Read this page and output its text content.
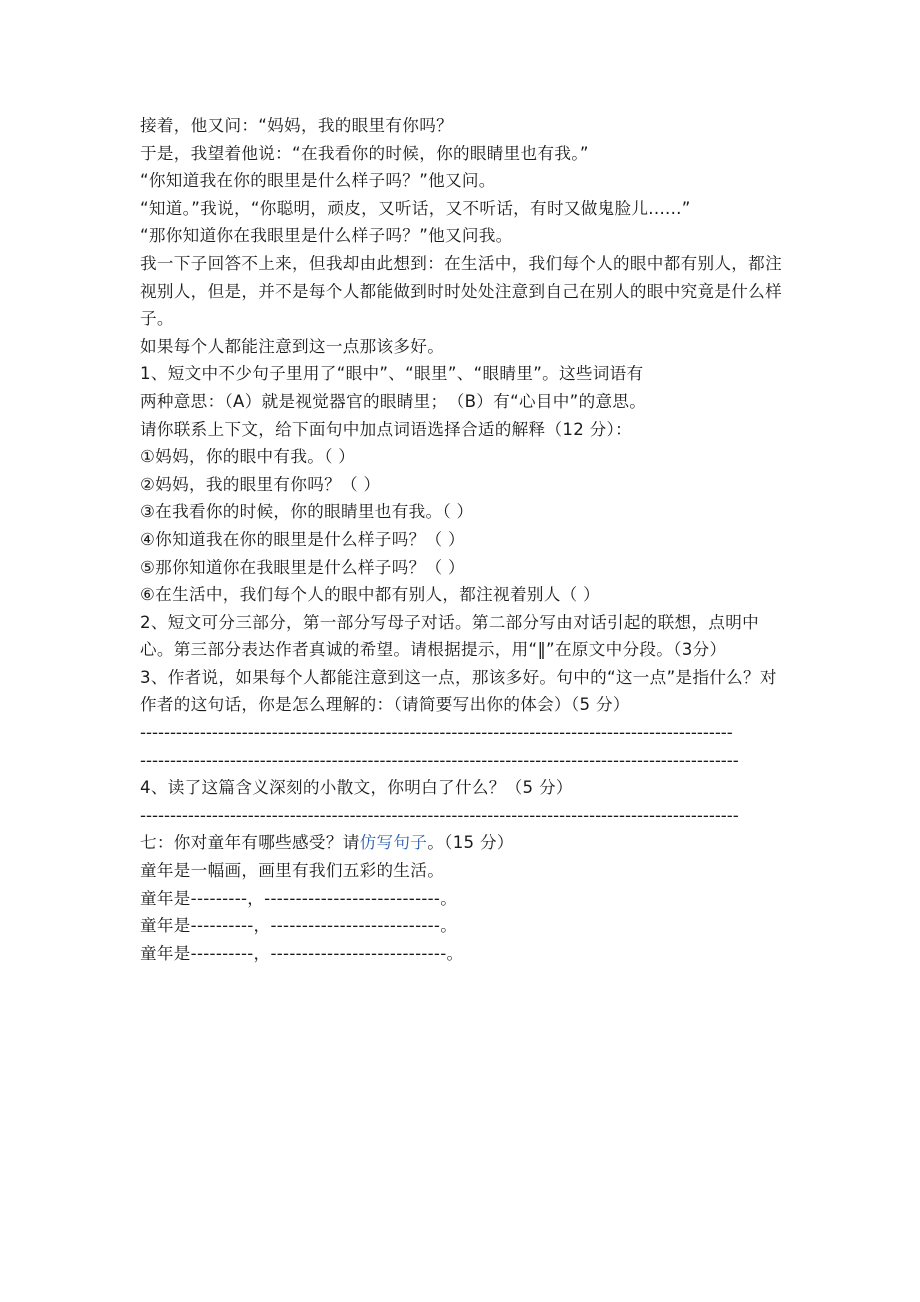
接着，他又问：“妈妈，我的眼里有你吗？
于是，我望着他说：“在我看你的时候，你的眼睛里也有我。”
“你知道我在你的眼里是什么样子吗？”他又问。
“知道。”我说，“你聪明，顽皮，又听话，又不听话，有时又做鬼脸儿......”
“那你知道你在我眼里是什么样子吗？”他又问我。
我一下子回答不上来，但我却由此想到：在生活中，我们每个人的眼中都有别人，都注视别人，但是，并不是每个人都能做到时时处处注意到自己在别人的眼中究竟是什么样子。
如果每个人都能注意到这一点那该多好。
1、短文中不少句子里用了“眼中”、“眼里”、“眼睛里”。这些词语有
两种意思：（A）就是视觉器官的眼睛里；　（B）有“心目中”的意思。
请你联系上下文，给下面句中加点词语选择合适的解释（12 分）：
①妈妈，你的眼中有我。（ ）
②妈妈，我的眼里有你吗？（ ）
③在我看你的时候，你的眼睛里也有我。（ ）
④你知道我在你的眼里是什么样子吗？（ ）
⑤那你知道你在我眼里是什么样子吗？（ ）
⑥在生活中，我们每个人的眼中都有别人，都注视着别人（ ）
2、短文可分三部分，第一部分写母子对话。第二部分写由对话引起的联想，点明中心。第三部分表达作者真诚的希望。请根据提示，用“‖”在原文中分段。（3分）
3、作者说，如果每个人都能注意到这一点，那该多好。句中的“这一点”是指什么？对作者的这句话，你是怎么理解的：（请简要写出你的体会）（5 分）
---------------------------------------------------------------------------------------------------
----------------------------------------------------------------------------------------------------
4、读了这篇含义深刻的小散文，你明白了什么？（5 分）
----------------------------------------------------------------------------------------------------
七：你对童年有哪些感受？请仿写句子。（15 分）
童年是一幅画，画里有我们五彩的生活。
童年是---------，----------------------------。
童年是----------，---------------------------。
童年是----------，----------------------------。
